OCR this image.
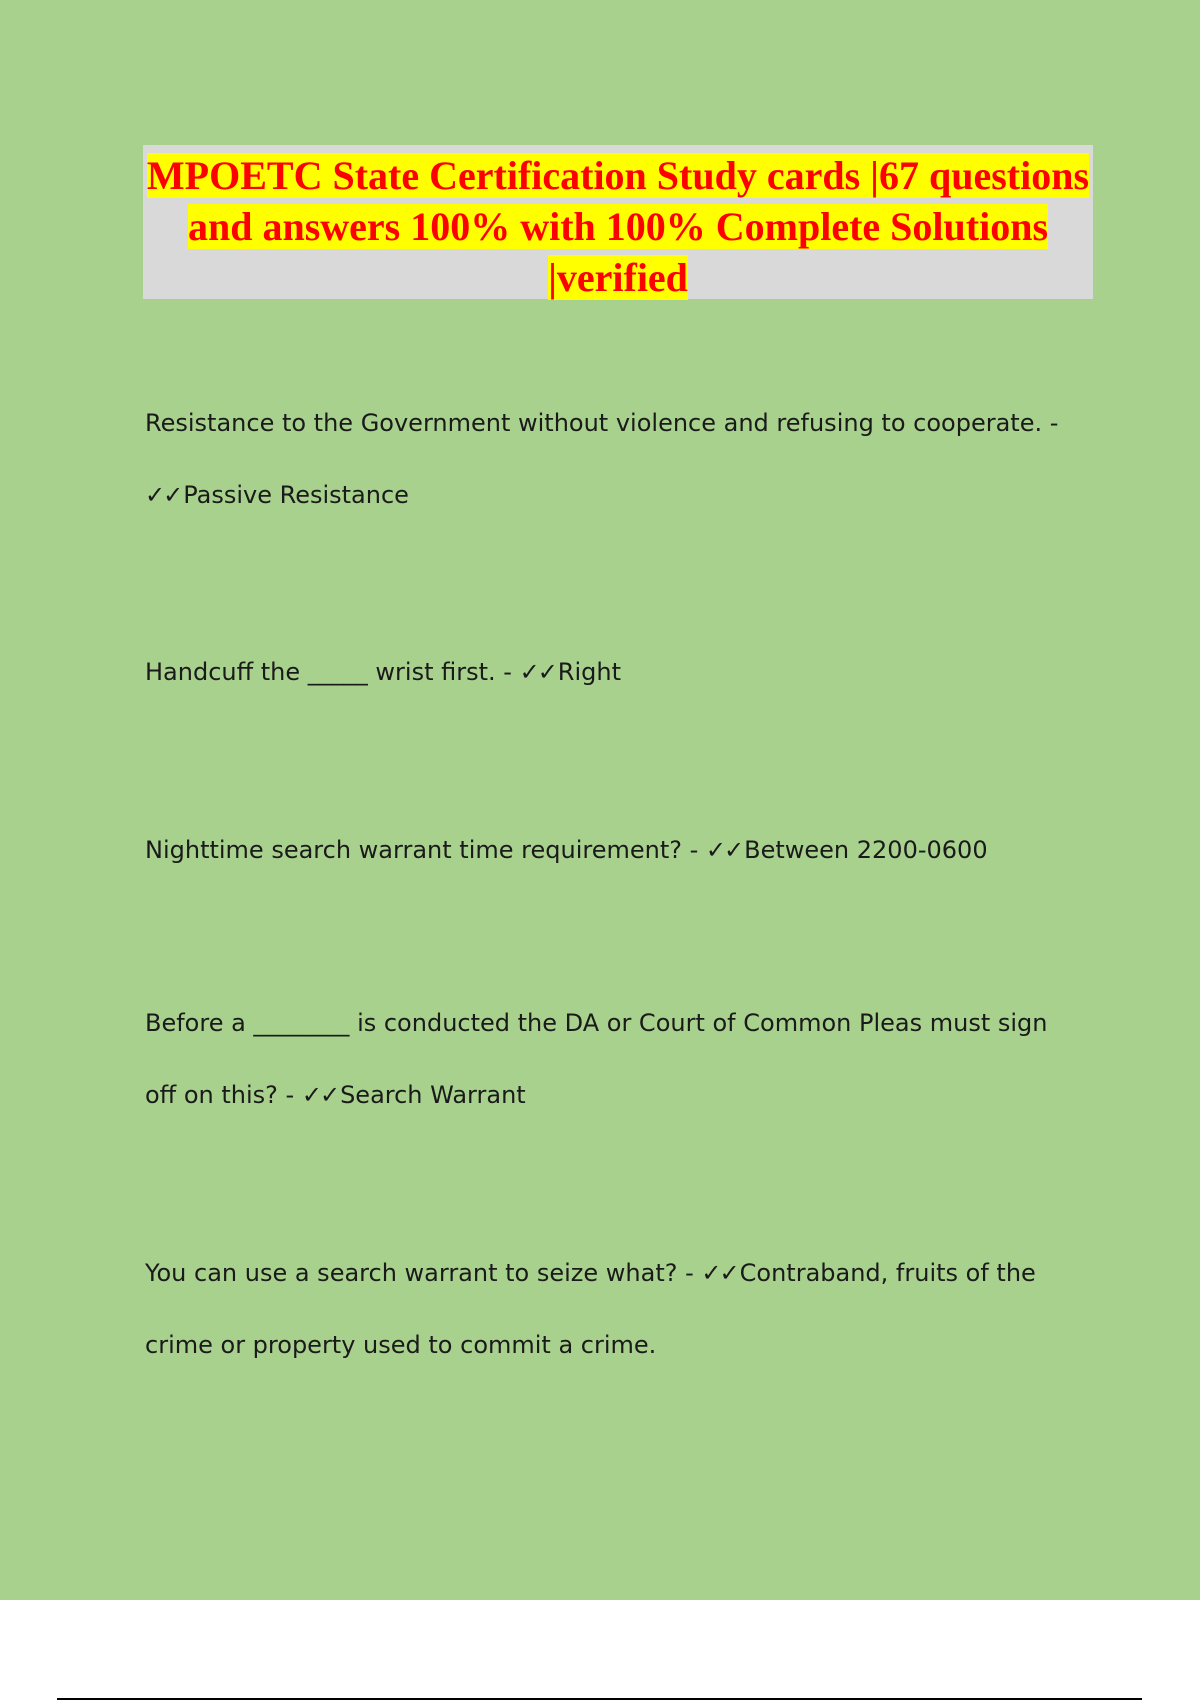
MPOETC State Certification Study cards |67 questions and answers 100% with 100% Complete Solutions |verified

Resistance to the Government without violence and refusing to cooperate. - ✓✓Passive Resistance

Handcuff the _____ wrist first. - ✓✓Right

Nighttime search warrant time requirement? - ✓✓Between 2200-0600

Before a ________ is conducted the DA or Court of Common Pleas must sign off on this? - ✓✓Search Warrant

You can use a search warrant to seize what? - ✓✓Contraband, fruits of the crime or property used to commit a crime.
